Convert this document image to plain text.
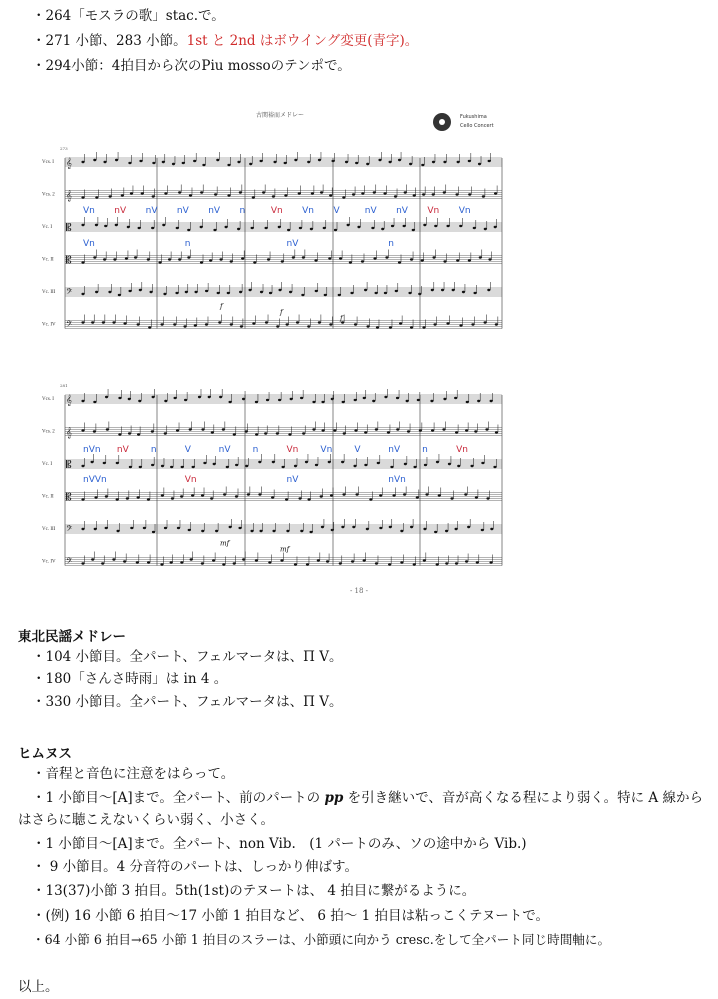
・264「モスラの歌」stac.で。
・271 小節、283 小節。1st と 2nd はボウイング変更(青字)。
・294小節：4拍目から次のPiu mossoのテンポで。
古関裕而メドレー	Fukushima
Cello Concert
Vcs. I 𝄞
Vcs. 2 𝄞
Vc. I 𝄡
Vc. II 𝄡
Vc. III 𝄢
Vc. IV 𝄢
Vn nV nV nV nV n	Vn Vn V	nV nV Vn Vn
Vn	n	nV	n
f
f
f
Vcs. I 𝄞
Vcs. 2 𝄞
Vc. I 𝄡
Vc. II 𝄡
Vc. III 𝄢
Vc. IV 𝄢
nVn nV n	V	nV n	Vn Vn V	nV n	Vn
nVVn	Vn	nV	nVn
mf
mf
273
281
- 18 -
東北民謡メドレー
・104 小節目。全パート、フェルマータは、Π V。
・180「さんさ時雨」は in 4 。
・330 小節目。全パート、フェルマータは、Π V。
ヒムヌス
・音程と音色に注意をはらって。
・1 小節目～[A]まで。全パート、前のパートの pp を引き継いで、音が高くなる程により弱く。特に A 線から
はさらに聴こえないくらい弱く、小さく。
・1 小節目～[A]まで。全パート、non Vib.　(1 パートのみ、ソの途中から Vib.)
・ 9 小節目。4 分音符のパートは、しっかり伸ばす。
・13(37)小節 3 拍目。5th(1st)のテヌートは、 4 拍目に繋がるように。
・(例) 16 小節 6 拍目～17 小節 1 拍目など、 6 拍～ 1 拍目は粘っこくテヌートで。
・64 小節 6 拍目→65 小節 1 拍目のスラーは、小節頭に向かう cresc.をして全パート同じ時間軸に。
以上。
